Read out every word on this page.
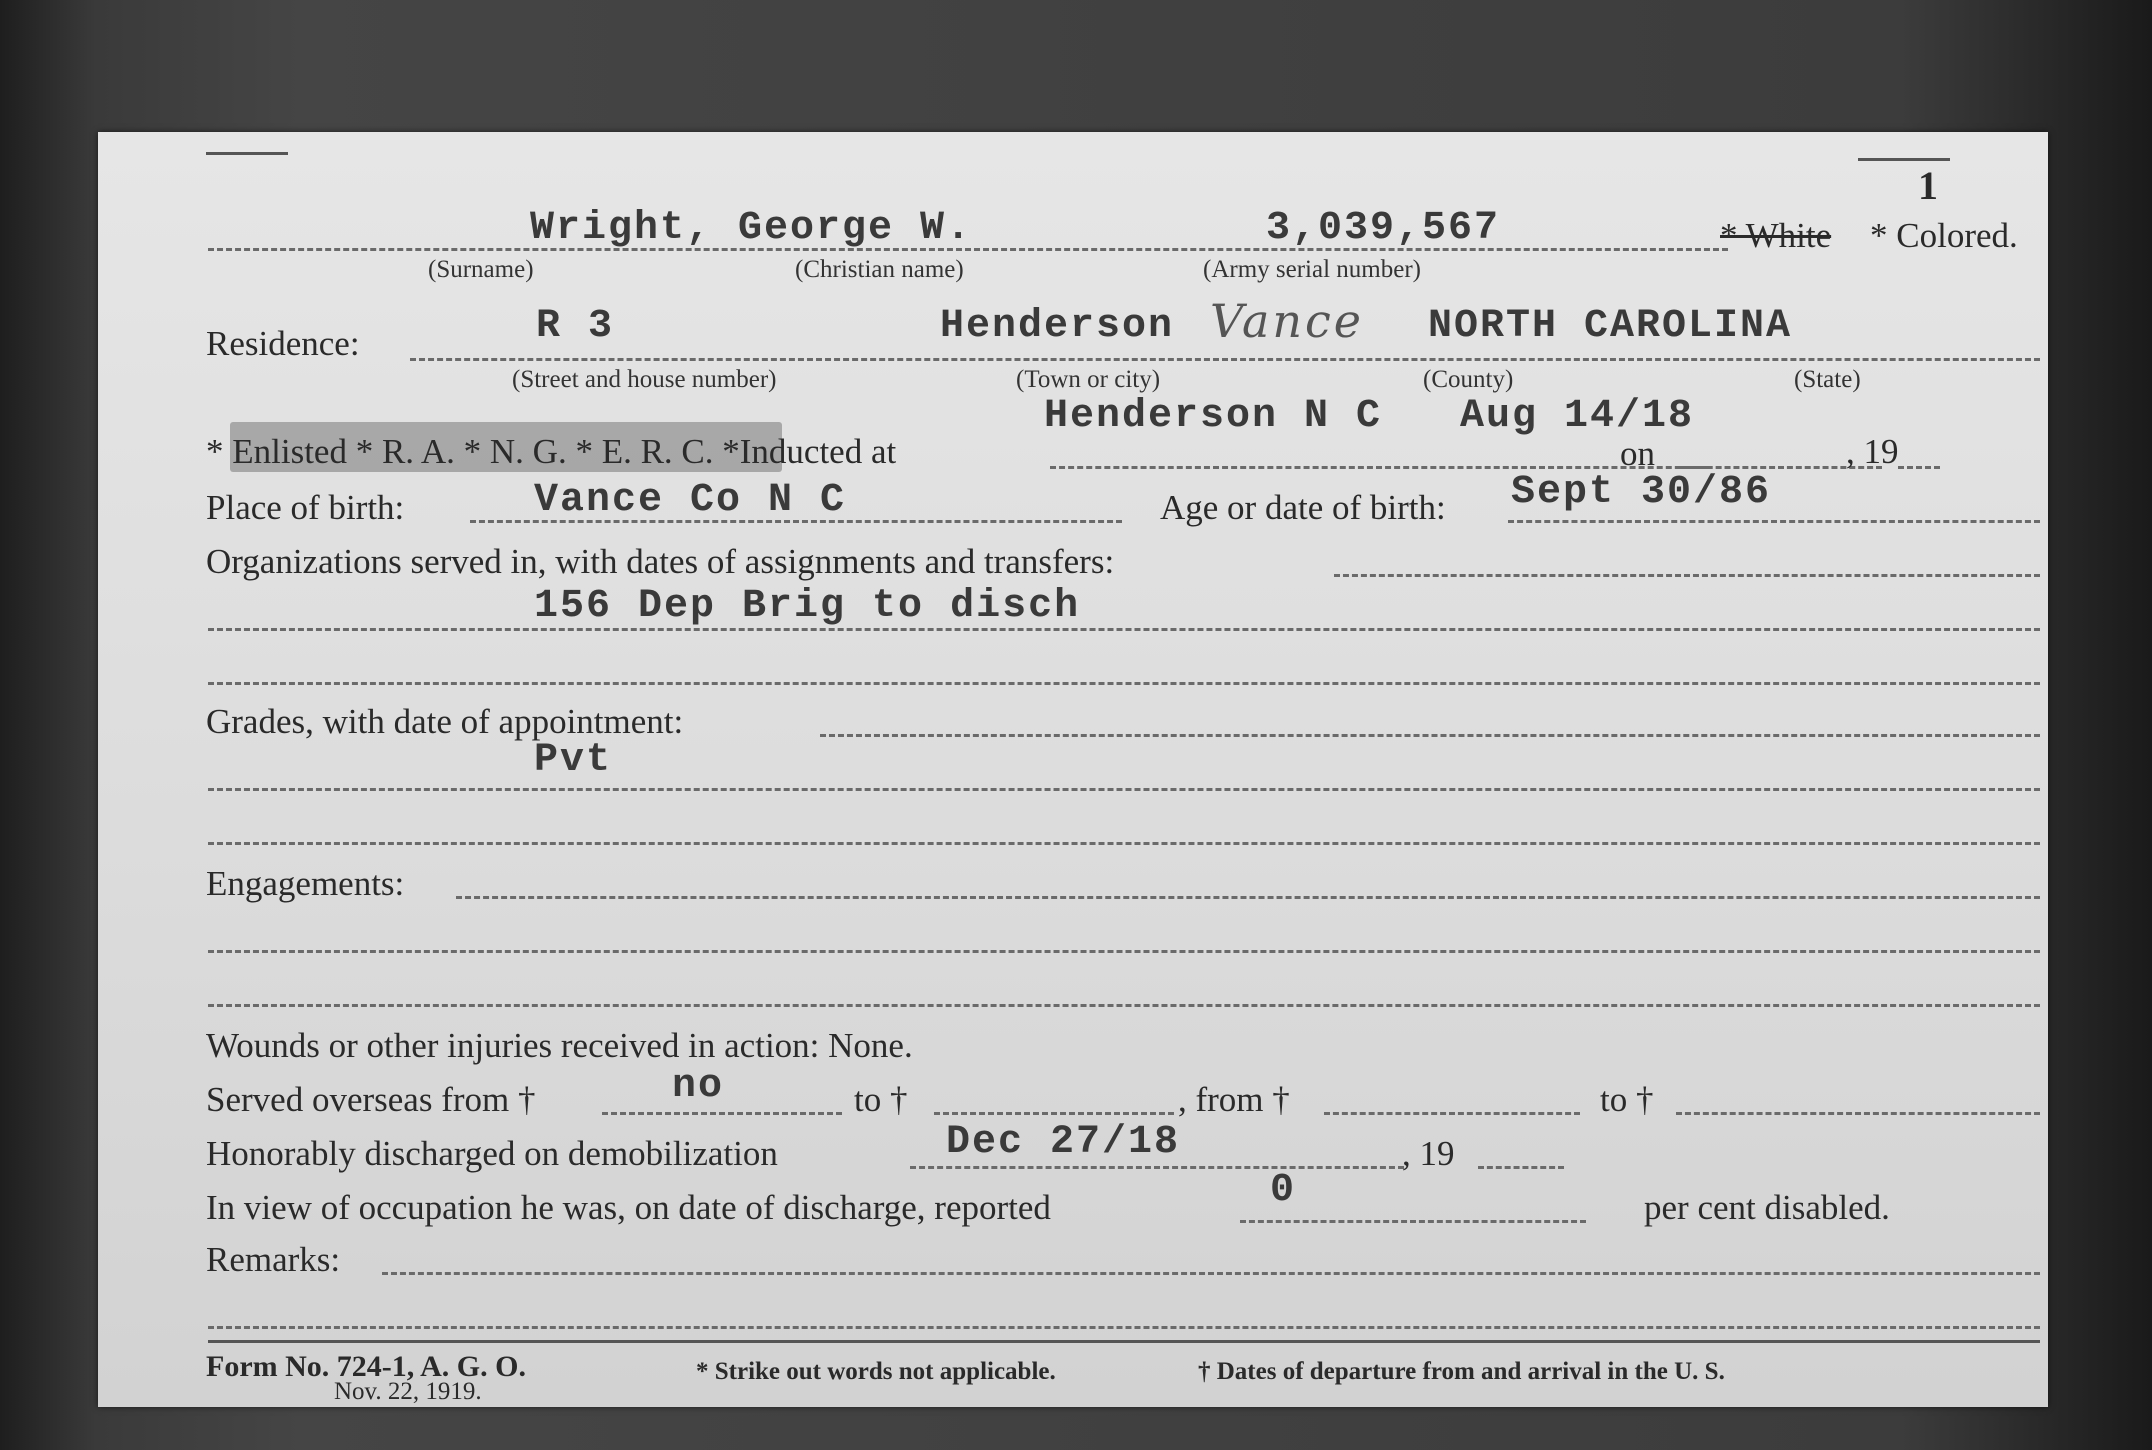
1
Wright, George W.	3,039,567	* White * Colored.
(Surname)	(Christian name)	(Army serial number)
Residence:	R 3	Henderson Vance NORTH CAROLINA
(Street and house number)	(Town or city)	(County)	(State)
* Enlisted * R. A. * N. G. * E. R. C. *Inducted at
Henderson N C Aug 14/18
on	, 19
Place of birth:	Vance Co N C	Age or date of birth: Sept 30/86
Organizations served in, with dates of assignments and transfers:
156 Dep Brig to disch
Grades, with date of appointment:
Pvt
Engagements:
Wounds or other injuries received in action: None.
Served overseas from †	no	to †	, from †	to †
Honorably discharged on demobilization	Dec 27/18	, 19
In view of occupation he was, on date of discharge, reported	0	per cent disabled.
Remarks:
Form No. 724-1, A. G. O.
Nov. 22, 1919.
* Strike out words not applicable.	† Dates of departure from and arrival in the U. S.
